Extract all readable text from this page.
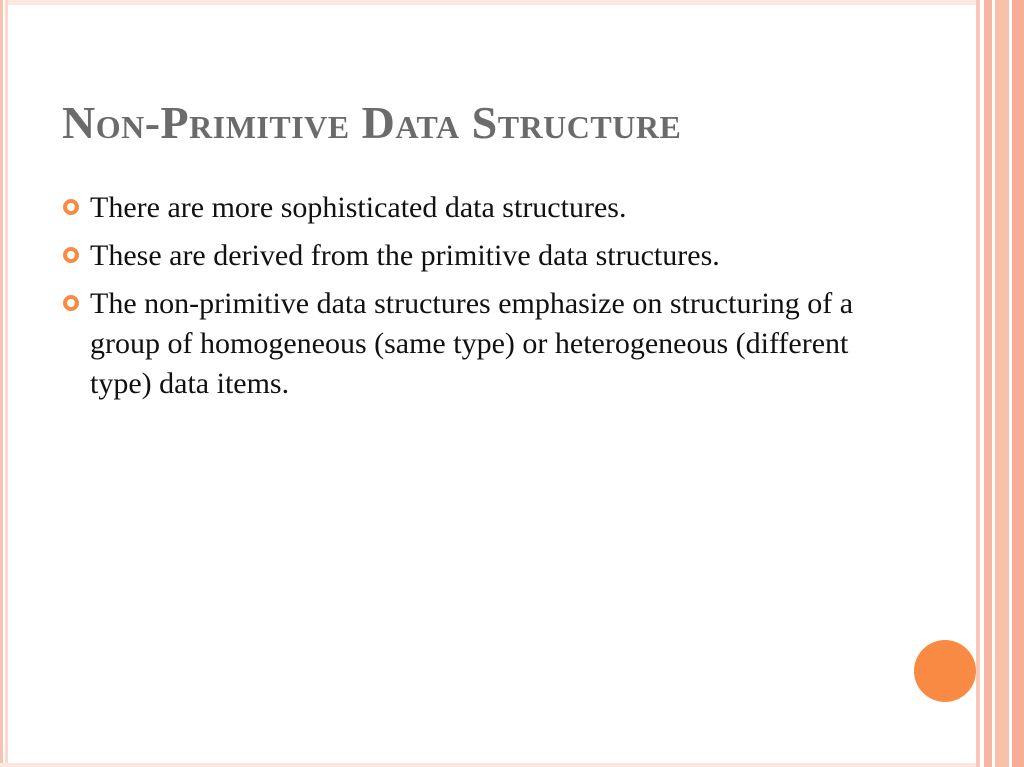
Non-Primitive Data Structure
There are more sophisticated data structures.
These are derived from the primitive data structures.
The non-primitive data structures emphasize on structuring of a group of homogeneous (same type) or heterogeneous (different type) data items.
